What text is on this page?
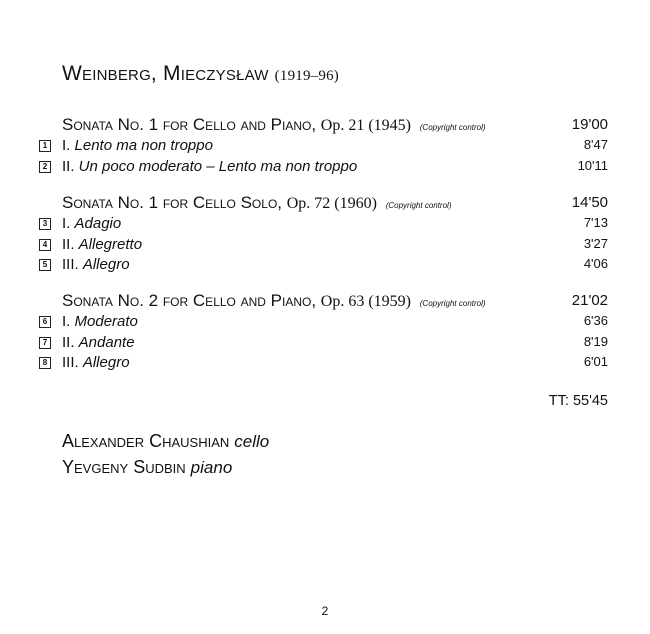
Weinberg, Mieczysław (1919–96)
Sonata No. 1 for Cello and Piano, Op. 21 (1945) (Copyright control)	19'00
1 I. Lento ma non troppo	8'47
2 II. Un poco moderato – Lento ma non troppo	10'11
Sonata No. 1 for Cello Solo, Op. 72 (1960) (Copyright control)	14'50
3 I. Adagio	7'13
4 II. Allegretto	3'27
5 III. Allegro	4'06
Sonata No. 2 for Cello and Piano, Op. 63 (1959) (Copyright control)	21'02
6 I. Moderato	6'36
7 II. Andante	8'19
8 III. Allegro	6'01
TT: 55'45
Alexander Chaushian cello
Yevgeny Sudbin piano
2
